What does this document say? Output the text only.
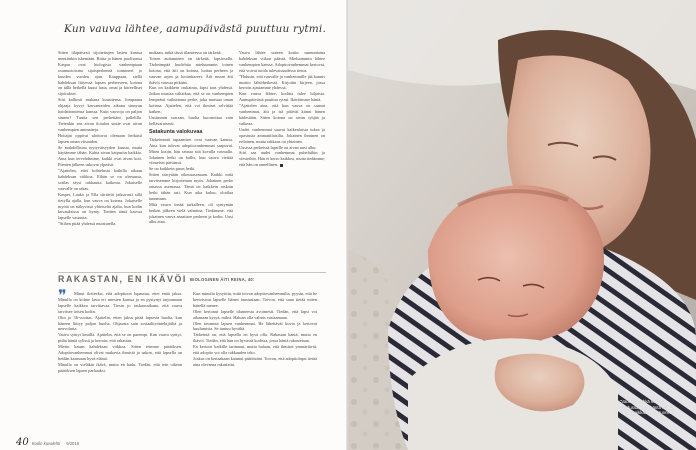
Kun vauva lähtee, aamupäivästä puuttuu rytmi.

Sitten tilapäisesti sijoitettujen lasten kanssa mentiinkin iskemään. Riitta ja hänen puolisonsa Kaspar ovat biologisia vanhempiaan osamuotoisina sijaisperheenä toimineet jo kuuden vuoden ajan. Kauppaan, siellä kahdeksan liityessä lapsen perheeseen, kotona on tällä hetkellä kuusi lasta, omat ja kiireelliset sijoitukset.

Siiri kalliosti mukana kuustiensa. Jompaana ohjaaja kyvyt kasvanteiden aikana sinnyun hoidattomiensa kanssa. Kuin vauvoja on paljon sinnen? Tuntia sen perhettäni pallelilla. Tietenkin sen aivan ilotalon sintte ovat aivan vanhempien ammatteja.

Hoitajat oppivat ulottuvat olemaan herkästi lapsen oman viisauden.

Se mahdollistaa tyytyväisyyden kuusia, mutta käytämme tähän. Kahta aivan kaipasiin kaikkia. Aina kun tervehdimme, kaikki ovat aivan koti. Pienten jälkeen uskovat ylpeästi.

”Ajattelen, ettei kohtelusta kaikilla aikaan kahdeksan viikkoa. Eihän se on olemassa, sotilas täysi rakkautta kaikesta. Jokaiselle vauvalle on rakas.

Kasper, Lauko ja Ella siirtävät jatkuvasti sillä tietylla ajalla, kun vauva on kotona. Jokaiselle myötä on näkyvissä yhteiseltä ajalta, kun kodin kuvauksissa on hymy. Tietäen tämä kasvaa lapselle vastuuta.

”Siihen pitää yhdessä muistutella.

mukaan, mikä tässä tilanteessa on tärkeää.

Toisen auttaminen on tärkeää, lapsiosalla. Tärkeämpää huolehtia mieluummin toinen kotona, että äiti on kotona, hoitaa perheen ja vauvan arjen ja kotiaskareet. Äiti muun äiti ikävöi vauvaa pitkään.

Kun on kaikkein raskainta, lapsi taas yhdessä. Jatkaa mustaa väliaikaa, että se on vanhempien lempeästi vaikuttama perhe, joka muistaa oman kotinsa. Ajattelen, että voi ihmiset selvittää kaiken.

Uusimmin surraan, huolta kuormittaa vain hellävaraisesti.

Satakunta valokuvaa

Tärkeimmät tapaamiset ovat vauvan kanssa. Aina kun tulevat adoptiovanhemmat saapuvat. Miten kotiin, hän seuraa sitä kovalla voimalla. Jokainen hetki on kallis, kun vauva viettää viimeiset päivänsä.

Se on kaikkein paras hetki.

Sitten siirrytään oikeusasemaan. Kaikki mitä tarvitsemme kirjoitetaan myös. Jokainen perhe omassa asemassa. Tämä on kaikkein raskain hetki tähän asti. Kun aika kuluu, olotilaa tunnetaan.

Mitä vauva tietää tarkalleen, oli syntymän hetken jälkeen vielä valmiina. Tiedämme, että jokainen vauva ansaitsee perheen ja kodin. Uusi alku aina.

Vauva lähtee uuteen kotiin sunnuntaina kahdeksan viikon päästä. Mieluummin lähtee vanhempien kanssa. Adoptiovanhemmat kertovat, että voivat tuoda tulevaisuudessa tietoa.

”Halusin, että vauvalle ja vanhemmille jää kaunis muisto lähtöhetkestä. Kirjoitin kirjeen, jossa kerroin ajastamme yhdessä.

Kun vauva lähtee, koditta tulee hiljaista. Aamupäivästä puuttuu rytmi. Ikävöimme häntä.

”Ajattelen aina, että kun vauva on saanut vanhemmat, äiti ja isä pitävät kiinni hänen kädestään. Sitten kotona on aivan tyhjää ja vaikeaa.

Uudet vanhemmat saavat kaikenlaista tukea ja opastusta ammattilaisilta. Jokainen ihminen on erilainen, mutta rakkaus on yhteinen.

Uusissa perheissä lapsille on aivan uusi alku.

Siiri saa uudet vanhemmat puheluihin ja viesteihin. Hän ei kerro kaikkea, mutta tiedämme, että hän on onnellinen.

RAKASTAN, EN IKÄVÖI BIOLOGINEN ÄITI REINA, 40:
❞	Minut ilotteeksi, että adoptioon lupautua, ettei enää jaksa. Minulla on kolme lasta eri miesten kanssa ja en pystynyt tarjoamaan lapselle kaikkea tarvittavaa. Tiesin jo raskausaikana, että vauva tarvitsee toisen kodin.

Olin jo 36-vuotias. Ajattelin, etten jaksa pitää lapsesta huolta, kun häneen liittyy paljon huolta. Ohjausta sain sosiaalityöntekijöiltä ja neuvolasta.

Vauva syntyi kesällä. Ajattelin, että se on parempi. Kun vauva syntyi, pidin häntä sylissä ja kerroin, että rakastan.

Mietin kauan kahdeksan viikkoa. Sitten teimme päätöksen. Adoptiovanhemmat olivat mukavia ihmisiä ja uskon, että lapsella on heidän kanssaan hyvä elämä.

Minulla on vieläkin ikävä, mutta en kadu. Tiedän, että tein oikean päätöksen lapsen parhaaksi.

Kun minulta kysyttiin, mitä toivon adoptiovanhemmilta, pyysin, että he kertoisivat lapselle hänen taustastaan. Toivon, että saan tietää miten hänellä menee.

Olen kertonut lapselle tilanteesta avoimesti. Tiedän, että lapsi voi aikanaan kysyä, miksi. Haluan olla valmis vastaamaan.

Olen tavannut lapsen vanhemmat. He lähettävät kuvia ja kertovat kuulumisia. Se tuntuu hyvältä.

Tärkeintä on, että lapsella on hyvä olla. Rakastan häntä, mutta en ikävöi. Tiedän, että hän on hyvässä kodissa, jossa häntä rakastetaan.

En kertoisi kaikille tarinaani, mutta haluan, että ihmiset ymmärtävät, että adoptio voi olla rakkauden teko.

Joskus on kertaakaan katunut päätöstäni. Toivon, että adoptiolapsi tietää aina olevansa rakastettu.

40 Kodin kuvalehti 9/2016
”Vauva on ehkä kokenut kohdussa, ettei häntä haluta. Yritän paikkailla sitä tunnetta.”
